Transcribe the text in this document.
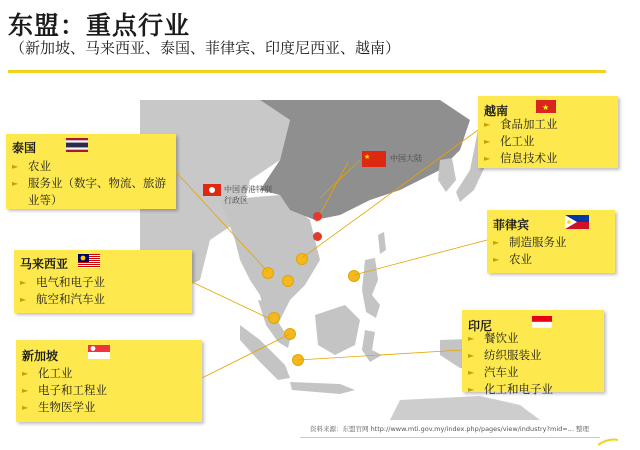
东盟：重点行业
（新加坡、马来西亚、泰国、菲律宾、印度尼西亚、越南）
中国大陆
中国香港特别行政区
★
泰国
► 农业
► 服务业（数字、物流、旅游业等）
马来西亚
► 电气和电子业
► 航空和汽车业
新加坡
► 化工业
► 电子和工程业
► 生物医学业
越南	★
► 食品加工业
► 化工业
► 信息技术业
菲律宾
► 制造服务业
► 农业
印尼
► 餐饮业
► 纺织服装业
► 汽车业
► 化工和电子业
资料来源：东盟官网 http://www.mti.gov.my/index.php/pages/view/industry?mid=... 整理
